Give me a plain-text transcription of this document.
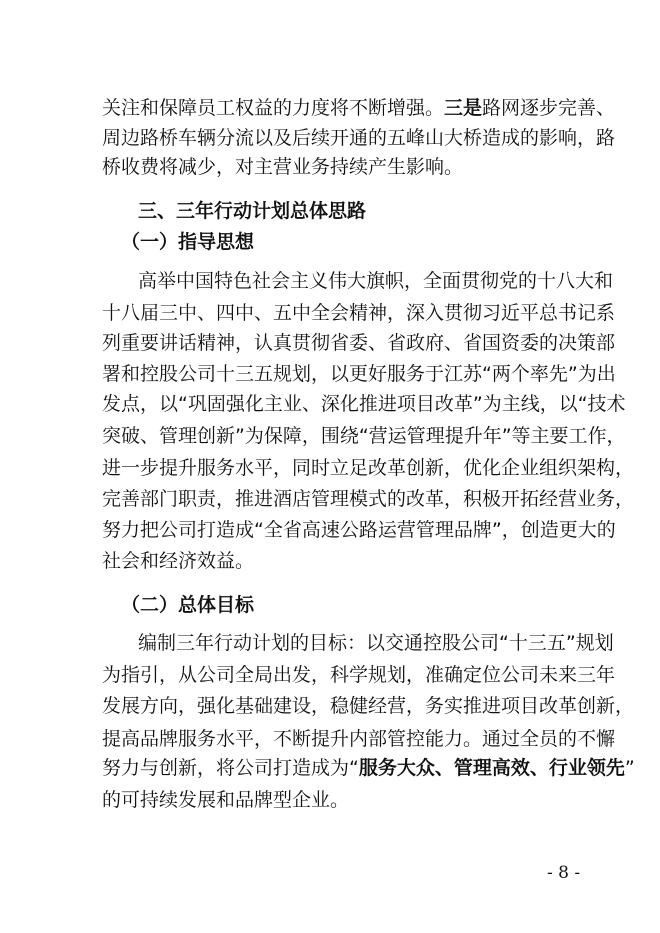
关注和保障员工权益的力度将不断增强。三是路网逐步完善、
周边路桥车辆分流以及后续开通的五峰山大桥造成的影响，路
桥收费将减少，对主营业务持续产生影响。
三、三年行动计划总体思路
（一）指导思想
高举中国特色社会主义伟大旗帜，全面贯彻党的十八大和
十八届三中、四中、五中全会精神，深入贯彻习近平总书记系
列重要讲话精神，认真贯彻省委、省政府、省国资委的决策部
署和控股公司十三五规划，以更好服务于江苏“两个率先”为出
发点，以“巩固强化主业、深化推进项目改革”为主线，以“技术
突破、管理创新”为保障，围绕“营运管理提升年”等主要工作，
进一步提升服务水平，同时立足改革创新，优化企业组织架构，
完善部门职责，推进酒店管理模式的改革，积极开拓经营业务，
努力把公司打造成“全省高速公路运营管理品牌”，创造更大的
社会和经济效益。
（二）总体目标
编制三年行动计划的目标：以交通控股公司“十三五”规划
为指引，从公司全局出发，科学规划，准确定位公司未来三年
发展方向，强化基础建设，稳健经营，务实推进项目改革创新，
提高品牌服务水平，不断提升内部管控能力。通过全员的不懈
努力与创新，将公司打造成为“服务大众、管理高效、行业领先”
的可持续发展和品牌型企业。
- 8 -
